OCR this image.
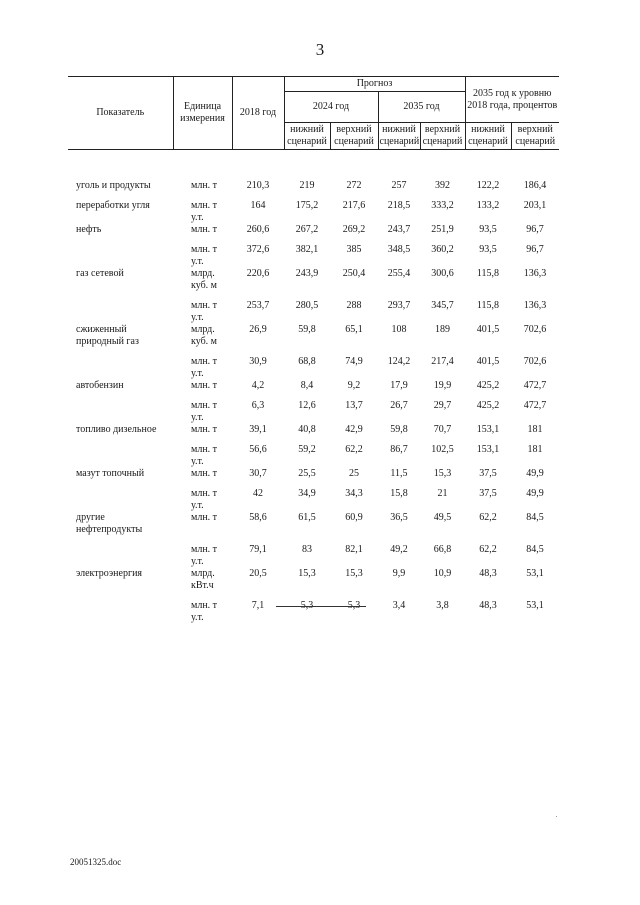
3
Показатель	Единица измерения	2018 год	Прогноз				2035 год к уровню 2018 года, процентов	
			2024 год		2035 год			
			нижний сценарий	верхний сценарий	нижний сценарий	верхний сценарий	нижний сценарий	верхний сценарий

уголь и продукты	млн. т	210,3	219	272	257	392	122,2	186,4
переработки угля	млн. т у.т.	164	175,2	217,6	218,5	333,2	133,2	203,1
нефть	млн. т	260,6	267,2	269,2	243,7	251,9	93,5	96,7
	млн. т у.т.	372,6	382,1	385	348,5	360,2	93,5	96,7
газ сетевой	млрд. куб. м	220,6	243,9	250,4	255,4	300,6	115,8	136,3
	млн. т у.т.	253,7	280,5	288	293,7	345,7	115,8	136,3
сжиженный природный газ	млрд. куб. м	26,9	59,8	65,1	108	189	401,5	702,6
	млн. т у.т.	30,9	68,8	74,9	124,2	217,4	401,5	702,6
автобензин	млн. т	4,2	8,4	9,2	17,9	19,9	425,2	472,7
	млн. т у.т.	6,3	12,6	13,7	26,7	29,7	425,2	472,7
топливо дизельное	млн. т	39,1	40,8	42,9	59,8	70,7	153,1	181
	млн. т у.т.	56,6	59,2	62,2	86,7	102,5	153,1	181
мазут топочный	млн. т	30,7	25,5	25	11,5	15,3	37,5	49,9
	млн. т у.т.	42	34,9	34,3	15,8	21	37,5	49,9
другие нефтепродукты	млн. т	58,6	61,5	60,9	36,5	49,5	62,2	84,5
	млн. т у.т.	79,1	83	82,1	49,2	66,8	62,2	84,5
электроэнергия	млрд. кВт.ч	20,5	15,3	15,3	9,9	10,9	48,3	53,1
	млн. т у.т.	7,1	5,3	5,3	3,4	3,8	48,3	53,1
20051325.doc
